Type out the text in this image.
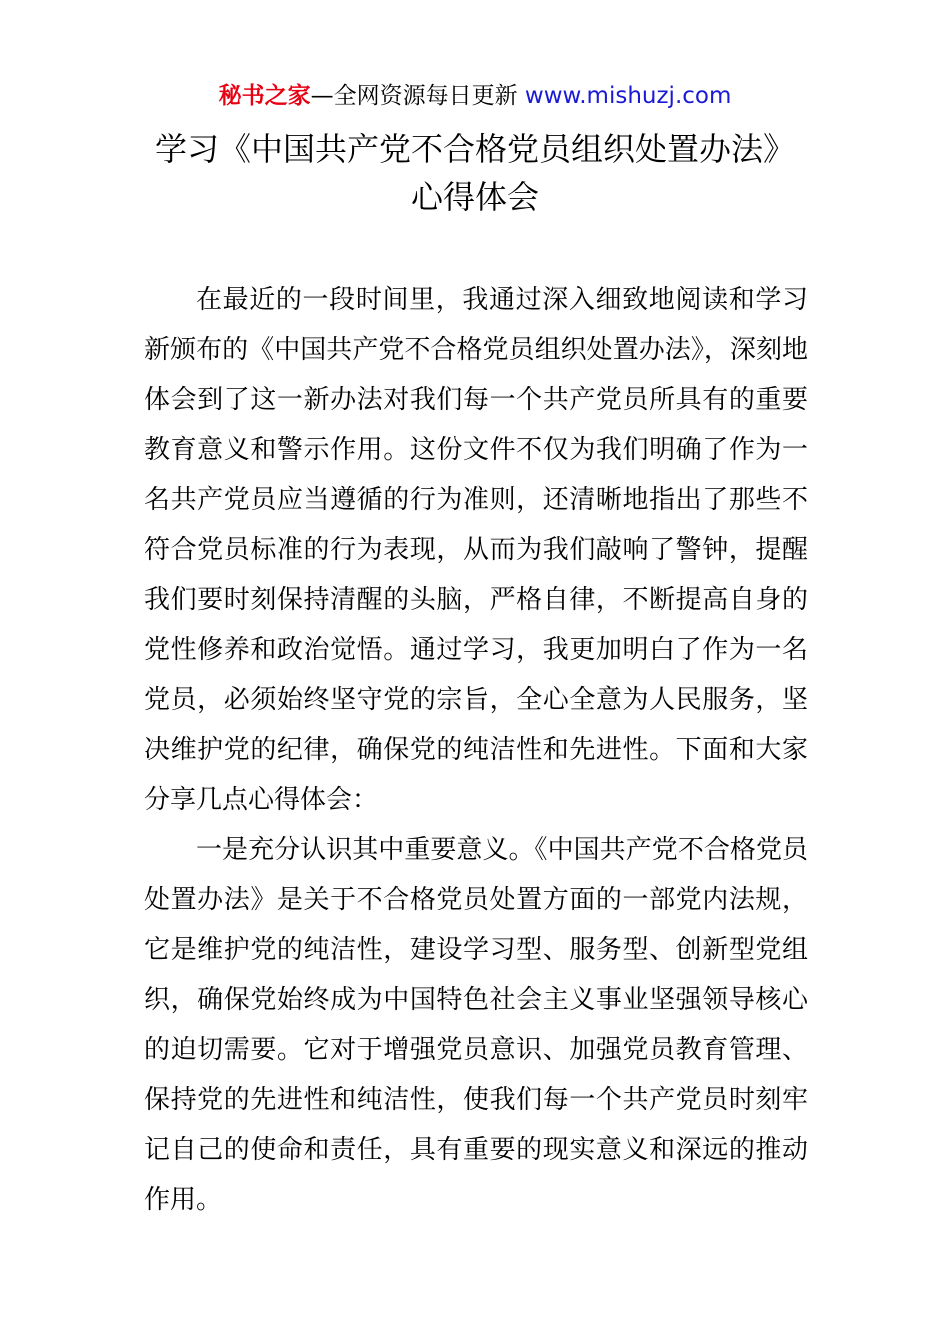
秘书之家—全网资源每日更新 www.mishuzj.com
学习《中国共产党不合格党员组织处置办法》
心得体会

在最近的一段时间里，我通过深入细致地阅读和学习新颁布的《中国共产党不合格党员组织处置办法》，深刻地体会到了这一新办法对我们每一个共产党员所具有的重要教育意义和警示作用。这份文件不仅为我们明确了作为一名共产党员应当遵循的行为准则，还清晰地指出了那些不符合党员标准的行为表现，从而为我们敲响了警钟，提醒我们要时刻保持清醒的头脑，严格自律，不断提高自身的党性修养和政治觉悟。通过学习，我更加明白了作为一名党员，必须始终坚守党的宗旨，全心全意为人民服务，坚决维护党的纪律，确保党的纯洁性和先进性。下面和大家分享几点心得体会：

一是充分认识其中重要意义。《中国共产党不合格党员处置办法》是关于不合格党员处置方面的一部党内法规，它是维护党的纯洁性，建设学习型、服务型、创新型党组织，确保党始终成为中国特色社会主义事业坚强领导核心的迫切需要。它对于增强党员意识、加强党员教育管理、保持党的先进性和纯洁性，使我们每一个共产党员时刻牢记自己的使命和责任，具有重要的现实意义和深远的推动作用。
